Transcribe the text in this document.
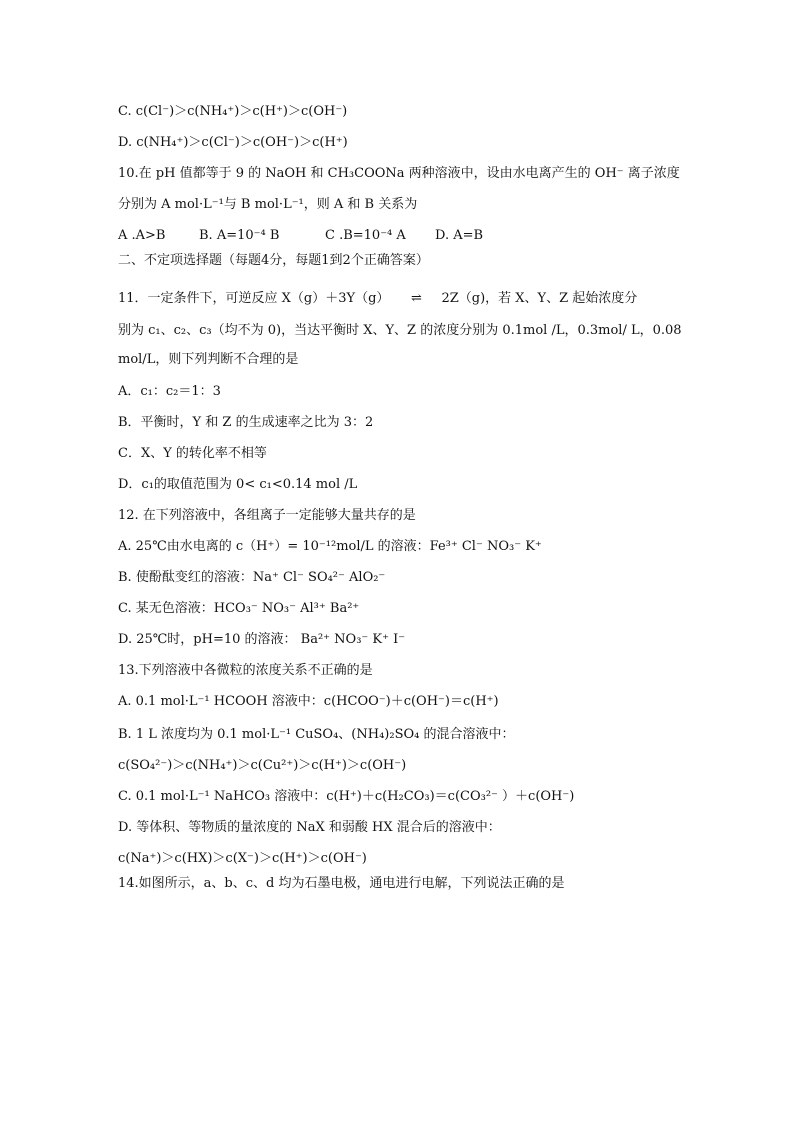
C. c(Cl⁻)＞c(NH₄⁺)＞c(H⁺)＞c(OH⁻)
D. c(NH₄⁺)＞c(Cl⁻)＞c(OH⁻)＞c(H⁺)
10.在 pH 值都等于 9 的 NaOH 和 CH₃COONa 两种溶液中，设由水电离产生的 OH⁻ 离子浓度
分别为 A mol·L⁻¹与 B mol·L⁻¹，则 A 和 B 关系为
A .A>B	B. A=10⁻⁴ B	C .B=10⁻⁴ A D. A=B
二、不定项选择题（每题4分，每题1到2个正确答案）
11．一定条件下，可逆反应 X（g）＋3Y（g） ⇌ 2Z（g)，若 X、Y、Z 起始浓度分
别为 c₁、c₂、c₃（均不为 0)，当达平衡时 X、Y、Z 的浓度分别为 0.1mol /L，0.3mol/ L，0.08
mol/L，则下列判断不合理的是
A．c₁：c₂＝1：3
B．平衡时，Y 和 Z 的生成速率之比为 3：2
C．X、Y 的转化率不相等
D．c₁的取值范围为 0< c₁<0.14 mol /L
12. 在下列溶液中，各组离子一定能够大量共存的是
A. 25℃由水电离的 c（H⁺）= 10⁻¹²mol/L 的溶液：Fe³⁺ Cl⁻ NO₃⁻ K⁺
B. 使酚酞变红的溶液：Na⁺ Cl⁻ SO₄²⁻ AlO₂⁻
C. 某无色溶液：HCO₃⁻ NO₃⁻ Al³⁺ Ba²⁺
D. 25℃时，pH=10 的溶液： Ba²⁺ NO₃⁻ K⁺ I⁻
13.下列溶液中各微粒的浓度关系不正确的是
A. 0.1 mol·L⁻¹ HCOOH 溶液中：c(HCOO⁻)＋c(OH⁻)＝c(H⁺)
B. 1 L 浓度均为 0.1 mol·L⁻¹ CuSO₄、(NH₄)₂SO₄ 的混合溶液中：
c(SO₄²⁻)＞c(NH₄⁺)＞c(Cu²⁺)＞c(H⁺)＞c(OH⁻)
C. 0.1 mol·L⁻¹ NaHCO₃ 溶液中：c(H⁺)＋c(H₂CO₃)＝c(CO₃²⁻ ）＋c(OH⁻)
D. 等体积、等物质的量浓度的 NaX 和弱酸 HX 混合后的溶液中：
c(Na⁺)＞c(HX)＞c(X⁻)＞c(H⁺)＞c(OH⁻)
14.如图所示，a、b、c、d 均为石墨电极，通电进行电解，下列说法正确的是
